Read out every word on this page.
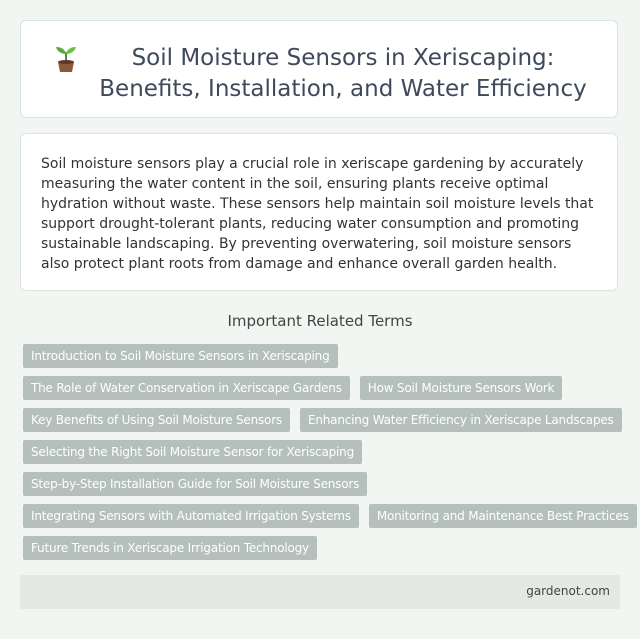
Soil Moisture Sensors in Xeriscaping: Benefits, Installation, and Water Efficiency

Soil moisture sensors play a crucial role in xeriscape gardening by accurately measuring the water content in the soil, ensuring plants receive optimal hydration without waste. These sensors help maintain soil moisture levels that support drought-tolerant plants, reducing water consumption and promoting sustainable landscaping. By preventing overwatering, soil moisture sensors also protect plant roots from damage and enhance overall garden health.

Important Related Terms
Introduction to Soil Moisture Sensors in Xeriscaping
The Role of Water Conservation in Xeriscape Gardens How Soil Moisture Sensors Work
Key Benefits of Using Soil Moisture Sensors Enhancing Water Efficiency in Xeriscape Landscapes
Selecting the Right Soil Moisture Sensor for Xeriscaping
Step-by-Step Installation Guide for Soil Moisture Sensors
Integrating Sensors with Automated Irrigation Systems Monitoring and Maintenance Best Practices
Future Trends in Xeriscape Irrigation Technology
gardenot.com
